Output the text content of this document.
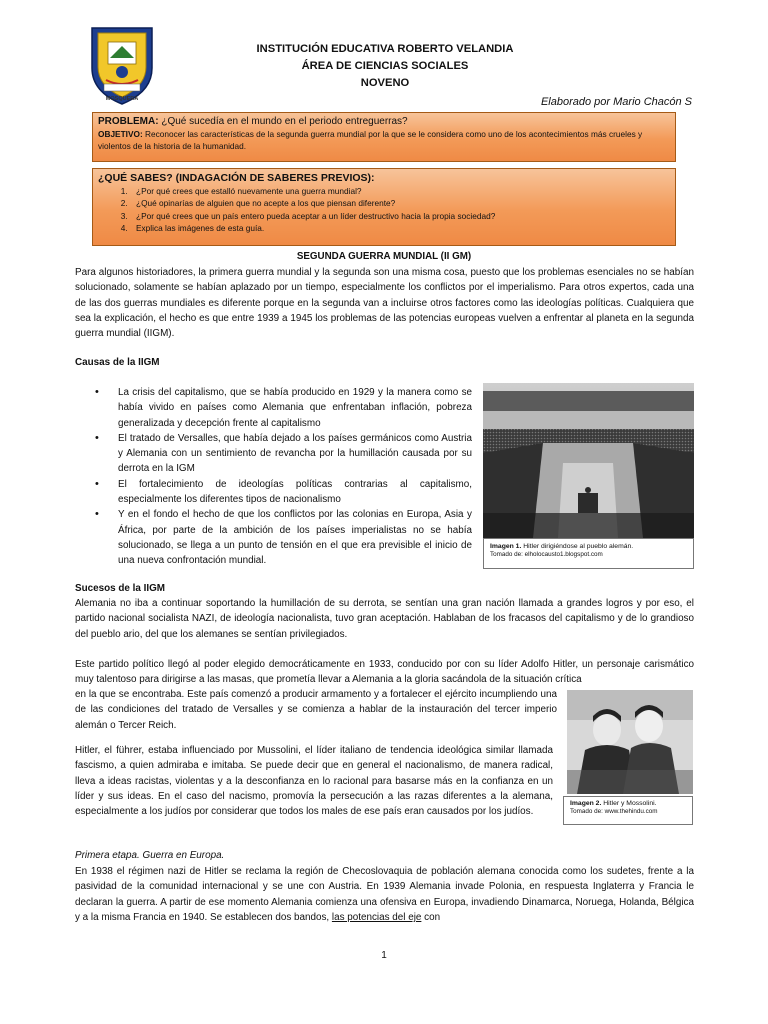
MOSQUERA
INSTITUCIÓN EDUCATIVA ROBERTO VELANDIA
ÁREA DE CIENCIAS SOCIALES
NOVENO
Elaborado por Mario Chacón S
PROBLEMA: ¿Qué sucedía en el mundo en el periodo entreguerras?
OBJETIVO: Reconocer las características de la segunda guerra mundial por la que se le considera como uno de los acontecimientos más crueles y violentos de la historia de la humanidad.
¿QUÉ SABES? (INDAGACIÓN DE SABERES PREVIOS):
1. ¿Por qué crees que estalló nuevamente una guerra mundial?
2. ¿Qué opinarías de alguien que no acepte a los que piensan diferente?
3. ¿Por qué crees que un país entero pueda aceptar a un líder destructivo hacia la propia sociedad?
4. Explica las imágenes de esta guía.
SEGUNDA GUERRA MUNDIAL (II GM)
Para algunos historiadores, la primera guerra mundial y la segunda son una misma cosa, puesto que los problemas esenciales no se habían solucionado, solamente se habían aplazado por un tiempo, especialmente los conflictos por el imperialismo. Para otros expertos, cada una de las dos guerras mundiales es diferente porque en la segunda van a incluirse otros factores como las ideologías políticas. Cualquiera que sea la explicación, el hecho es que entre 1939 a 1945 los problemas de las potencias europeas vuelven a enfrentar al planeta en la segunda guerra mundial (IIGM).
Causas de la IIGM
• La crisis del capitalismo, que se había producido en 1929 y la manera como se había vivido en países como Alemania que enfrentaban inflación, pobreza generalizada y decepción frente al capitalismo
• El tratado de Versalles, que había dejado a los países germánicos como Austria y Alemania con un sentimiento de revancha por la humillación causada por su derrota en la IGM
• El fortalecimiento de ideologías políticas contrarias al capitalismo, especialmente los diferentes tipos de nacionalismo
• Y en el fondo el hecho de que los conflictos por las colonias en Europa, Asia y África, por parte de la ambición de los países imperialistas no se había solucionado, se llega a un punto de tensión en el que era previsible el inicio de una nueva confrontación mundial.
Imagen 1. Hitler dirigiéndose al pueblo alemán.
Tomado de: elholocausto1.blogspot.com
Sucesos de la IIGM
Alemania no iba a continuar soportando la humillación de su derrota, se sentían una gran nación llamada a grandes logros y por eso, el partido nacional socialista NAZI, de ideología nacionalista, tuvo gran aceptación. Hablaban de los fracasos del capitalismo y de lo grandioso del pueblo ario, del que los alemanes se sentían privilegiados.
Este partido político llegó al poder elegido democráticamente en 1933, conducido por con su líder Adolfo Hitler, un personaje carismático muy talentoso para dirigirse a las masas, que prometía llevar a Alemania a la gloria sacándola de la situación crítica
en la que se encontraba. Este país comenzó a producir armamento y a fortalecer el ejército incumpliendo una de las condiciones del tratado de Versalles y se comienza a hablar de la instauración del tercer imperio alemán o Tercer Reich.
Hitler, el führer, estaba influenciado por Mussolini, el líder italiano de tendencia ideológica similar llamada fascismo, a quien admiraba e imitaba. Se puede decir que en general el nacionalismo, de manera radical, lleva a ideas racistas, violentas y a la desconfianza en lo racional para basarse más en la confianza en un líder y sus ideas. En el caso del nacismo, promovía la persecución a las razas diferentes a la alemana, especialmente a los judíos por considerar que todos los males de ese país eran causados por los judíos.
Imagen 2. Hitler y Mossolini.
Tomado de: www.thehindu.com
Primera etapa. Guerra en Europa.
En 1938 el régimen nazi de Hitler se reclama la región de Checoslovaquia de población alemana conocida como los sudetes, frente a la pasividad de la comunidad internacional y se une con Austria. En 1939 Alemania invade Polonia, en respuesta Inglaterra y Francia le declaran la guerra. A partir de ese momento Alemania comienza una ofensiva en Europa, invadiendo Dinamarca, Noruega, Holanda, Bélgica y a la misma Francia en 1940. Se establecen dos bandos, las potencias del eje con
1
